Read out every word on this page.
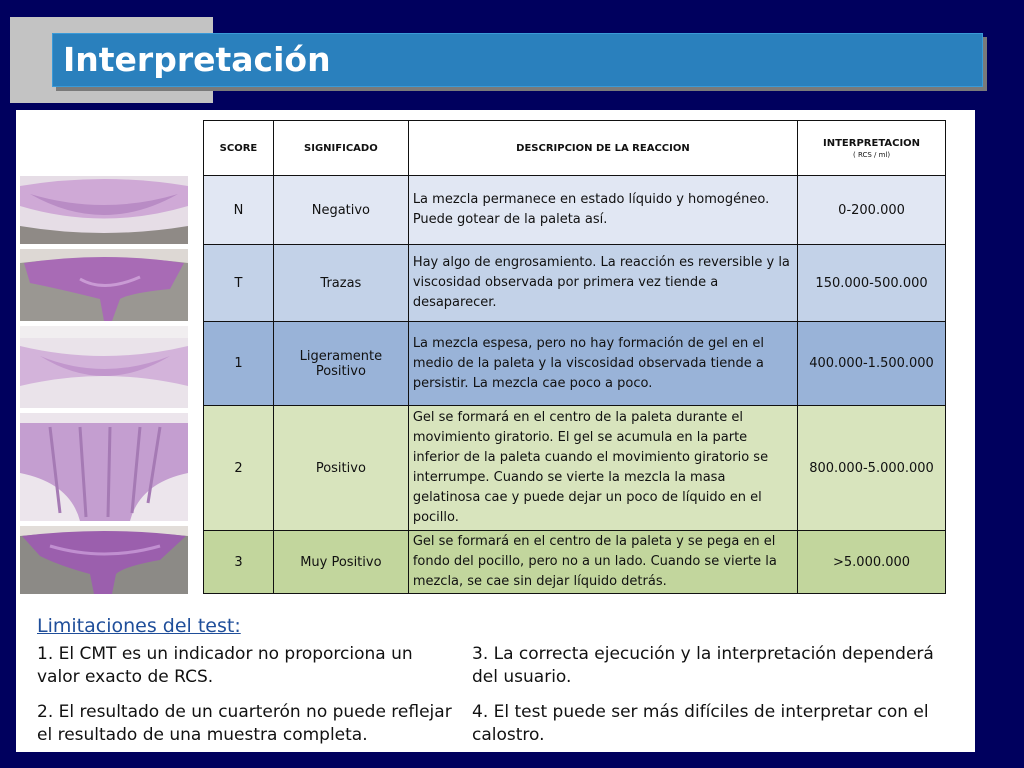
Interpretación
SCORE	SIGNIFICADO	DESCRIPCION DE LA REACCION	INTERPRETACION
( RCS / ml)

N	Negativo	La mezcla permanece en estado líquido y homogéneo. Puede gotear de la paleta así.	0-200.000
T	Trazas	Hay algo de engrosamiento. La reacción es reversible y la viscosidad observada por primera vez tiende a desaparecer.	150.000-500.000
1	Ligeramente Positivo	La mezcla espesa, pero no hay formación de gel en el medio de la paleta y la viscosidad observada tiende a persistir. La mezcla cae poco a poco.	400.000-1.500.000
2	Positivo	Gel se formará en el centro de la paleta durante el movimiento giratorio. El gel se acumula en la parte inferior de la paleta cuando el movimiento giratorio se interrumpe. Cuando se vierte la mezcla la masa gelatinosa cae y puede dejar un poco de líquido en el pocillo.	800.000-5.000.000
3	Muy Positivo	Gel se formará en el centro de la paleta y se pega en el fondo del pocillo, pero no a un lado. Cuando se vierte la mezcla, se cae sin dejar líquido detrás.	>5.000.000
Limitaciones del test:
1. El CMT es un indicador no proporciona un valor exacto de RCS.
2. El resultado de un cuarterón no puede reflejar el resultado de una muestra completa.
3. La correcta ejecución y la interpretación dependerá del usuario.
4. El test puede ser más difíciles de interpretar con el calostro.
